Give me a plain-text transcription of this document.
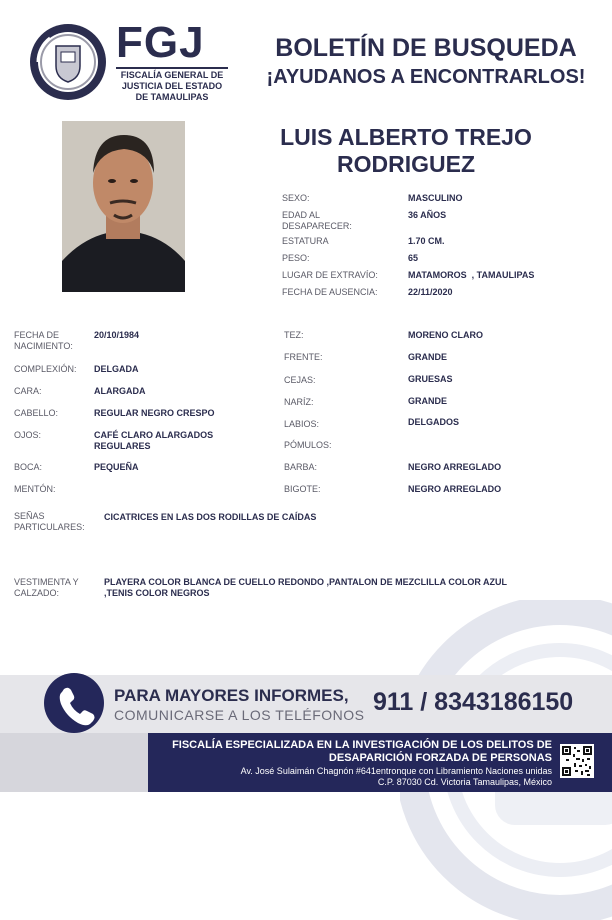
FGJ
FISCALÍA GENERAL DE
JUSTICIA DEL ESTADO
DE TAMAULIPAS
BOLETÍN DE BUSQUEDA
¡AYUDANOS A ENCONTRARLOS!
LUIS ALBERTO TREJO
RODRIGUEZ
SEXO:	MASCULINO
EDAD AL DESAPARECER:
36 AÑOS
ESTATURA	1.70 CM.
PESO:	65
LUGAR DE EXTRAVÍO:	MATAMOROS  , TAMAULIPAS
FECHA DE AUSENCIA:	22/11/2020
FECHA DE NACIMIENTO:
20/10/1984
COMPLEXIÓN: DELGADA
CARA:	ALARGADA
CABELLO:	REGULAR NEGRO CRESPO
OJOS:	CAFÉ CLARO ALARGADOS REGULARES
BOCA:	PEQUEÑA
MENTÓN:
TEZ:	MORENO CLARO
FRENTE:	GRANDE
CEJAS:	GRUESAS
NARÍZ:	GRANDE
LABIOS:	DELGADOS
PÓMULOS:
BARBA:	NEGRO ARREGLADO
BIGOTE:	NEGRO ARREGLADO
SEÑAS PARTICULARES:
CICATRICES EN LAS DOS RODILLAS DE CAÍDAS
VESTIMENTA Y CALZADO:
PLAYERA COLOR BLANCA DE CUELLO REDONDO ,PANTALON DE MEZCLILLA COLOR AZUL
,TENIS COLOR NEGROS
PARA MAYORES INFORMES,
COMUNICARSE A LOS TELÉFONOS 911 / 8343186150
FISCALÍA ESPECIALIZADA EN LA INVESTIGACIÓN DE LOS DELITOS DE
DESAPARICIÓN FORZADA DE PERSONAS
Av. José Sulaimán Chagnón #641entronque con Libramiento Naciones unidas
C.P. 87030 Cd. Victoria Tamaulipas, México
